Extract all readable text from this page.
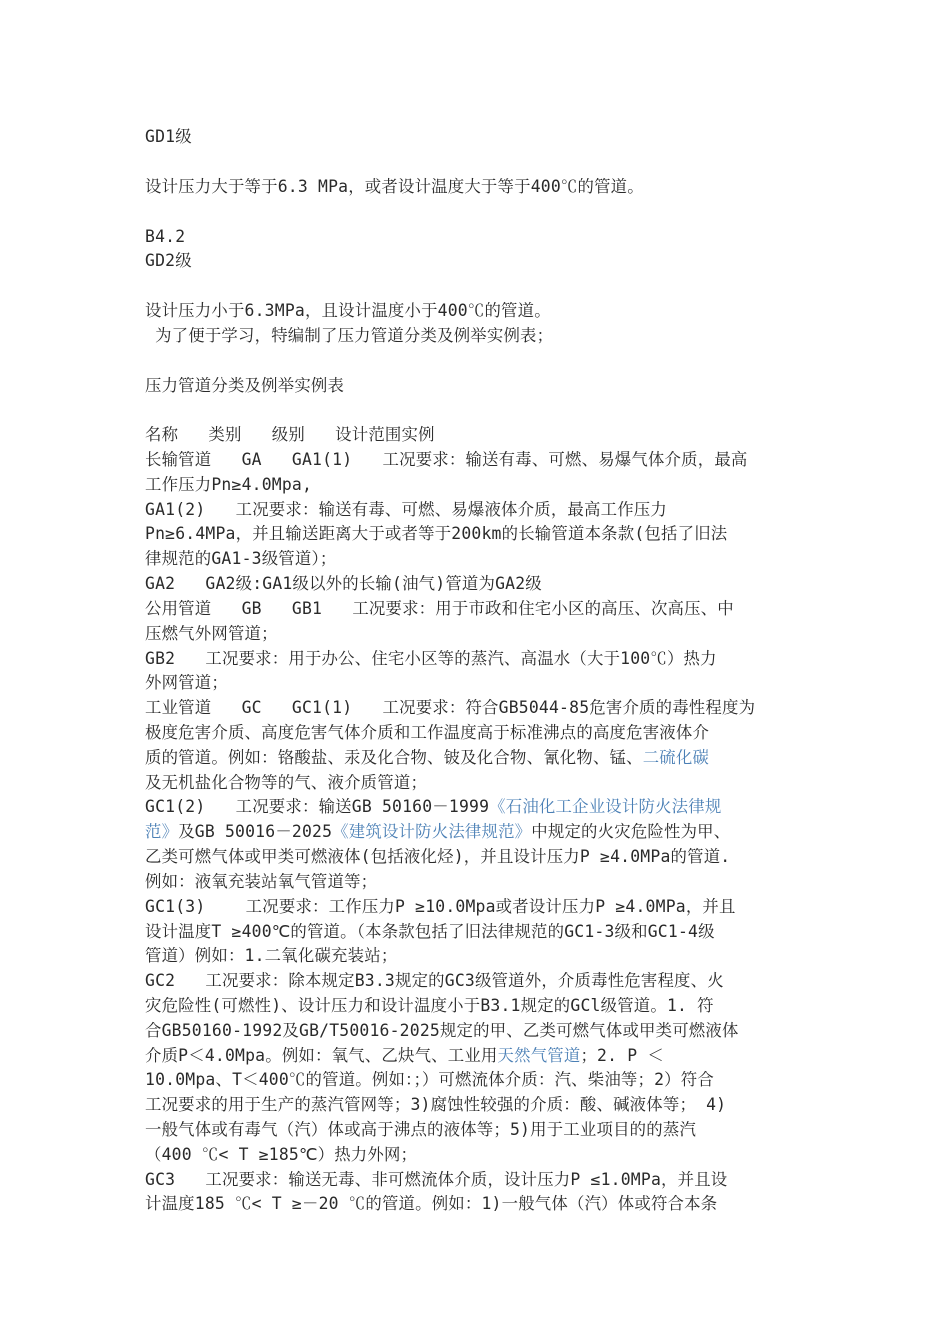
GD1级
设计压力大于等于6.3 MPa，或者设计温度大于等于400℃的管道。
B4.2
GD2级
设计压力小于6.3MPa，且设计温度小于400℃的管道。
为了便于学习，特编制了压力管道分类及例举实例表；
压力管道分类及例举实例表
名称   类别   级别   设计范围实例
长输管道   GA   GA1(1)   工况要求：输送有毒、可燃、易爆气体介质，最高
工作压力Pn≥4.0Mpa,
GA1(2)   工况要求：输送有毒、可燃、易爆液体介质，最高工作压力
Pn≥6.4MPa，并且输送距离大于或者等于200km的长输管道本条款(包括了旧法
律规范的GA1-3级管道）；
GA2   GA2级:GA1级以外的长输(油气)管道为GA2级
公用管道   GB   GB1   工况要求：用于市政和住宅小区的高压、次高压、中
压燃气外网管道；
GB2   工况要求：用于办公、住宅小区等的蒸汽、高温水（大于100℃）热力
外网管道；
工业管道   GC   GC1(1)   工况要求：符合GB5044-85危害介质的毒性程度为
极度危害介质、高度危害气体介质和工作温度高于标准沸点的高度危害液体介
质的管道。例如：铬酸盐、汞及化合物、铍及化合物、氰化物、锰、二硫化碳
及无机盐化合物等的气、液介质管道；
GC1(2)   工况要求：输送GB 50160－1999《石油化工企业设计防火法律规
范》及GB 50016－2025《建筑设计防火法律规范》中规定的火灾危险性为甲、
乙类可燃气体或甲类可燃液体(包括液化烃)，并且设计压力P ≥4.0MPa的管道.
例如：液氧充装站氧气管道等；
GC1(3)    工况要求：工作压力P ≥10.0Mpa或者设计压力P ≥4.0MPa，并且
设计温度T ≥400℃的管道。（本条款包括了旧法律规范的GC1-3级和GC1-4级
管道）例如：1.二氧化碳充装站；
GC2   工况要求：除本规定B3.3规定的GC3级管道外，介质毒性危害程度、火
灾危险性(可燃性)、设计压力和设计温度小于B3.1规定的GCl级管道。1. 符
合GB50160-1992及GB/T50016-2025规定的甲、乙类可燃气体或甲类可燃液体
介质P＜4.0Mpa。例如：氧气、乙炔气、工业用天然气管道；2. P ＜
10.0Mpa、T＜400℃的管道。例如：；）可燃流体介质：汽、柴油等；2）符合
工况要求的用于生产的蒸汽管网等；3)腐蚀性较强的介质：酸、碱液体等； 4)
一般气体或有毒气（汽）体或高于沸点的液体等；5)用于工业项目的的蒸汽
（400 ℃< T ≥185℃）热力外网；
GC3   工况要求：输送无毒、非可燃流体介质，设计压力P ≤1.0MPa，并且设
计温度185 ℃< T ≥－20 ℃的管道。例如：1)一般气体（汽）体或符合本条
